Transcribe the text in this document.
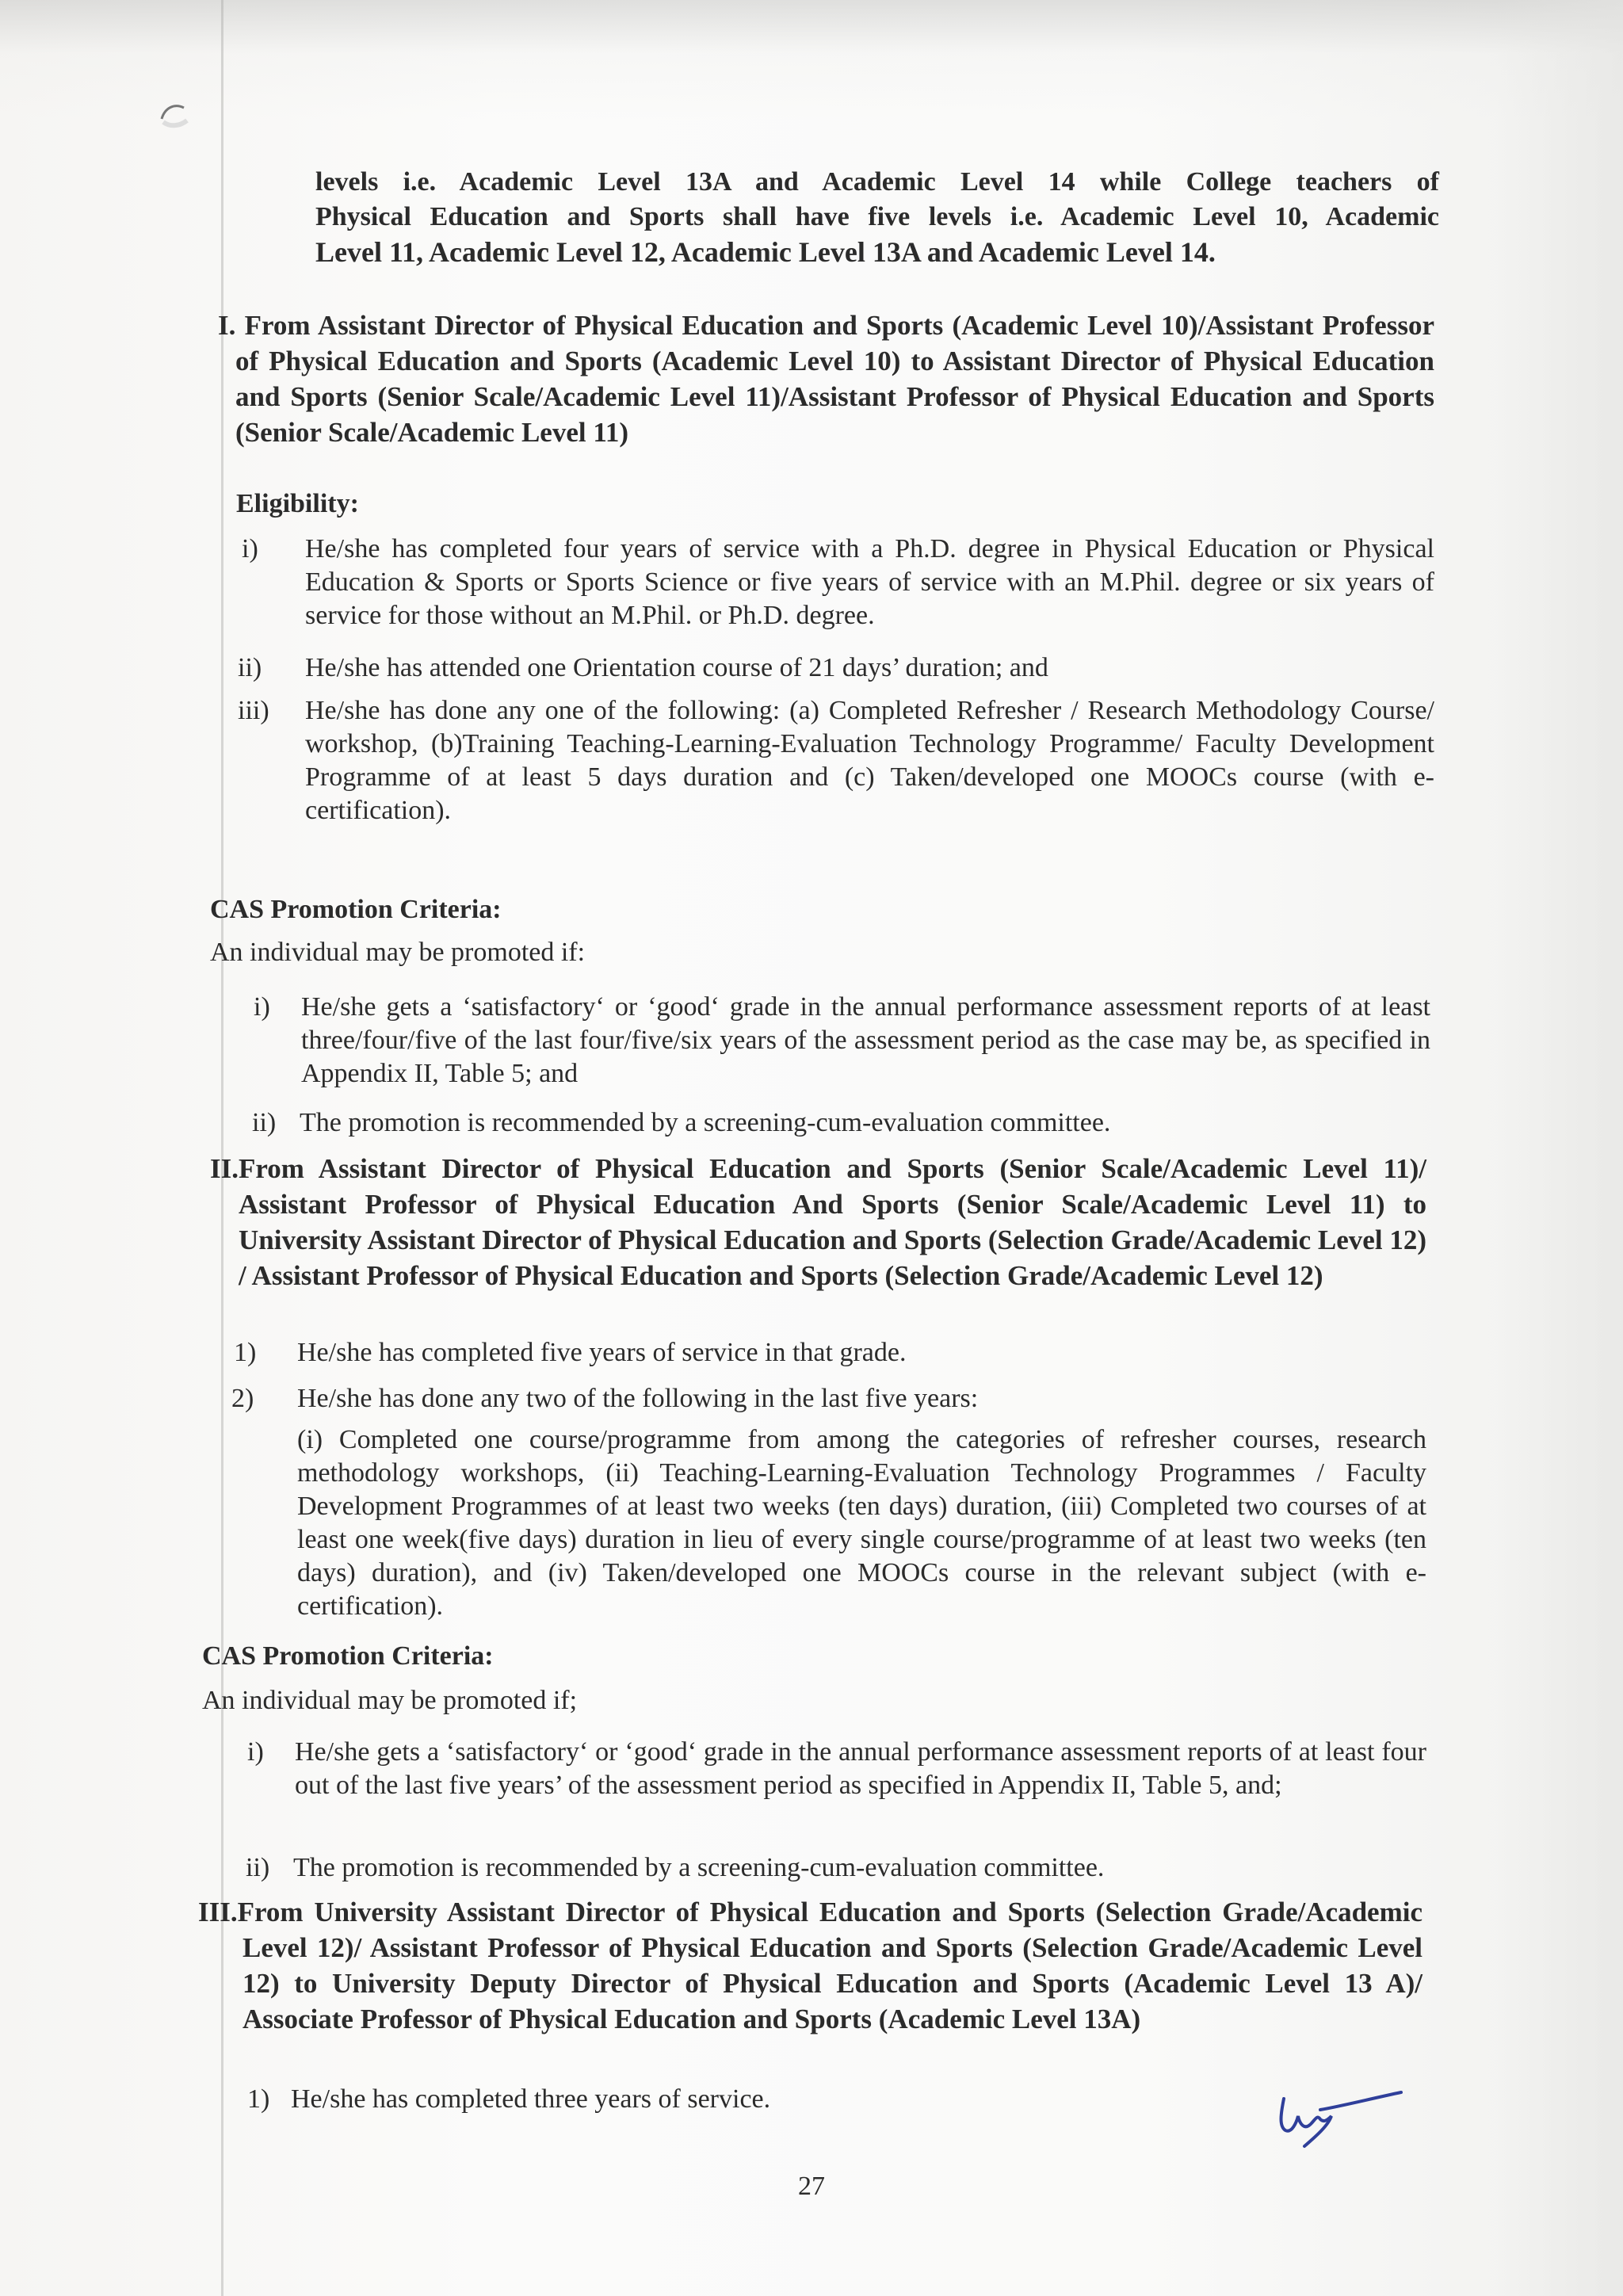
levels i.e. Academic Level 13A and Academic Level 14 while College teachers of

Physical Education and Sports shall have five levels i.e. Academic Level 10, Academic

Level 11, Academic Level 12, Academic Level 13A and Academic Level 14.

I. From Assistant Director of Physical Education and Sports (Academic Level 10)/Assistant Professor of Physical Education and Sports (Academic Level 10) to Assistant Director of Physical Education and Sports (Senior Scale/Academic Level 11)/Assistant Professor of Physical Education and Sports (Senior Scale/Academic Level 11)

Eligibility:

i) He/she has completed four years of service with a Ph.D. degree in Physical Education or Physical Education & Sports or Sports Science or five years of service with an M.Phil. degree or six years of service for those without an M.Phil. or Ph.D. degree.
ii) He/she has attended one Orientation course of 21 days’ duration; and
iii) He/she has done any one of the following: (a) Completed Refresher / Research Methodology Course/ workshop, (b)Training Teaching-Learning-Evaluation Technology Programme/ Faculty Development Programme of at least 5 days duration and (c) Taken/developed one MOOCs course (with e-certification).

CAS Promotion Criteria:

An individual may be promoted if:

i) He/she gets a ‘satisfactory‘ or ‘good‘ grade in the annual performance assessment reports of at least three/four/five of the last four/five/six years of the assessment period as the case may be, as specified in Appendix II, Table 5; and
ii) The promotion is recommended by a screening-cum-evaluation committee.

II.From Assistant Director of Physical Education and Sports (Senior Scale/Academic Level 11)/ Assistant Professor of Physical Education And Sports (Senior Scale/Academic Level 11) to University Assistant Director of Physical Education and Sports (Selection Grade/Academic Level 12) / Assistant Professor of Physical Education and Sports (Selection Grade/Academic Level 12)

1) He/she has completed five years of service in that grade.
2) He/she has done any two of the following in the last five years:

(i) Completed one course/programme from among the categories of refresher courses, research methodology workshops, (ii) Teaching-Learning-Evaluation Technology Programmes / Faculty Development Programmes of at least two weeks (ten days) duration, (iii) Completed two courses of at least one week(five days) duration in lieu of every single course/programme of at least two weeks (ten days) duration), and (iv) Taken/developed one MOOCs course in the relevant subject (with e-certification).

CAS Promotion Criteria:

An individual may be promoted if;

i) He/she gets a ‘satisfactory‘ or ‘good‘ grade in the annual performance assessment reports of at least four out of the last five years’ of the assessment period as specified in Appendix II, Table 5, and;
ii) The promotion is recommended by a screening-cum-evaluation committee.

III.From University Assistant Director of Physical Education and Sports (Selection Grade/Academic Level 12)/ Assistant Professor of Physical Education and Sports (Selection Grade/Academic Level 12) to University Deputy Director of Physical Education and Sports (Academic Level 13 A)/ Associate Professor of Physical Education and Sports (Academic Level 13A)

1) He/she has completed three years of service.
27
